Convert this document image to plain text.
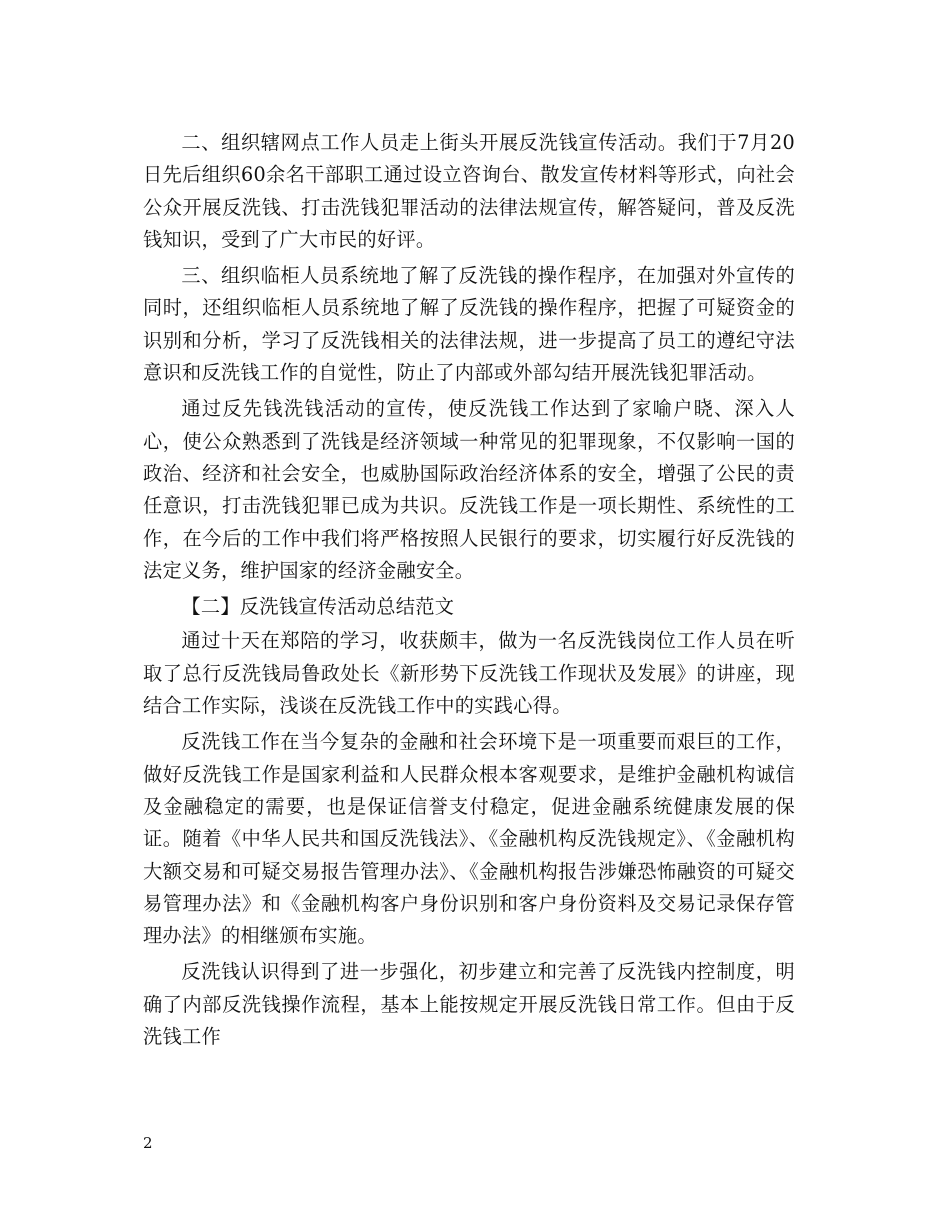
二、组织辖网点工作人员走上街头开展反洗钱宣传活动。我们于7月20日先后组织60余名干部职工通过设立咨询台、散发宣传材料等形式，向社会公众开展反洗钱、打击洗钱犯罪活动的法律法规宣传，解答疑问，普及反洗钱知识，受到了广大市民的好评。

三、组织临柜人员系统地了解了反洗钱的操作程序，在加强对外宣传的同时，还组织临柜人员系统地了解了反洗钱的操作程序，把握了可疑资金的识别和分析，学习了反洗钱相关的法律法规，进一步提高了员工的遵纪守法意识和反洗钱工作的自觉性，防止了内部或外部勾结开展洗钱犯罪活动。

通过反先钱洗钱活动的宣传，使反洗钱工作达到了家喻户晓、深入人心，使公众熟悉到了洗钱是经济领域一种常见的犯罪现象，不仅影响一国的政治、经济和社会安全，也威胁国际政治经济体系的安全，增强了公民的责任意识，打击洗钱犯罪已成为共识。反洗钱工作是一项长期性、系统性的工作，在今后的工作中我们将严格按照人民银行的要求，切实履行好反洗钱的法定义务，维护国家的经济金融安全。

【二】反洗钱宣传活动总结范文

通过十天在郑陪的学习，收获颇丰，做为一名反洗钱岗位工作人员在听取了总行反洗钱局鲁政处长《新形势下反洗钱工作现状及发展》的讲座，现结合工作实际，浅谈在反洗钱工作中的实践心得。

反洗钱工作在当今复杂的金融和社会环境下是一项重要而艰巨的工作，做好反洗钱工作是国家利益和人民群众根本客观要求，是维护金融机构诚信及金融稳定的需要，也是保证信誉支付稳定，促进金融系统健康发展的保证。随着《中华人民共和国反洗钱法》、《金融机构反洗钱规定》、《金融机构大额交易和可疑交易报告管理办法》、《金融机构报告涉嫌恐怖融资的可疑交易管理办法》和《金融机构客户身份识别和客户身份资料及交易记录保存管理办法》的相继颁布实施。

反洗钱认识得到了进一步强化，初步建立和完善了反洗钱内控制度，明确了内部反洗钱操作流程，基本上能按规定开展反洗钱日常工作。但由于反洗钱工作

2
